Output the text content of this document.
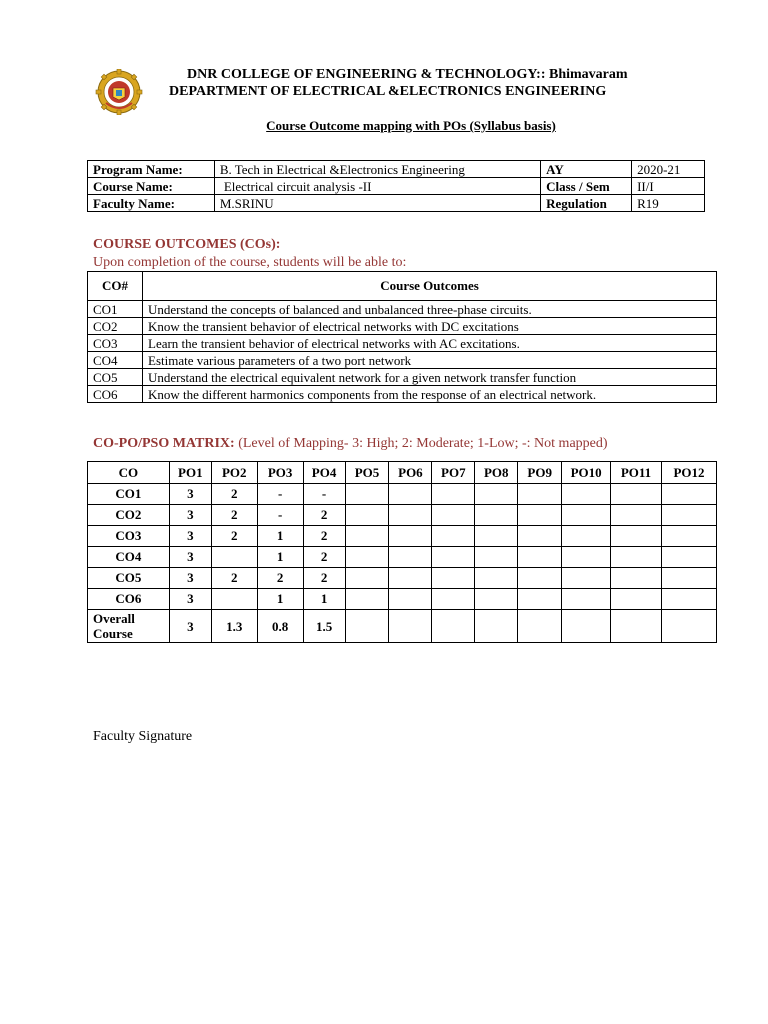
DNR COLLEGE OF ENGINEERING & TECHNOLOGY:: Bhimavaram
DEPARTMENT OF ELECTRICAL &ELECTRONICS ENGINEERING
Course Outcome mapping with POs (Syllabus basis)
Program Name:	B. Tech in Electrical &Electronics Engineering	AY	2020-21
Course Name:	Electrical circuit analysis -II	Class / Sem	II/I
Faculty Name:	M.SRINU	Regulation	R19
COURSE OUTCOMES (COs):
Upon completion of the course, students will be able to:
CO#	Course Outcomes
CO1	Understand the concepts of balanced and unbalanced three-phase circuits.
CO2	Know the transient behavior of electrical networks with DC excitations
CO3	Learn the transient behavior of electrical networks with AC excitations.
CO4	Estimate various parameters of a two port network
CO5	Understand the electrical equivalent network for a given network transfer function
CO6	Know the different harmonics components from the response of an electrical network.
CO-PO/PSO MATRIX: (Level of Mapping- 3: High; 2: Moderate; 1-Low; -: Not mapped)
CO	PO1	PO2	PO3	PO4	PO5	PO6	PO7	PO8	PO9	PO10	PO11	PO12
CO1	3	2	-	-								
CO2	3	2	-	2								
CO3	3	2	1	2								
CO4	3		1	2								
CO5	3	2	2	2								
CO6	3		1	1								
Overall Course	3	1.3	0.8	1.5								
Faculty Signature
